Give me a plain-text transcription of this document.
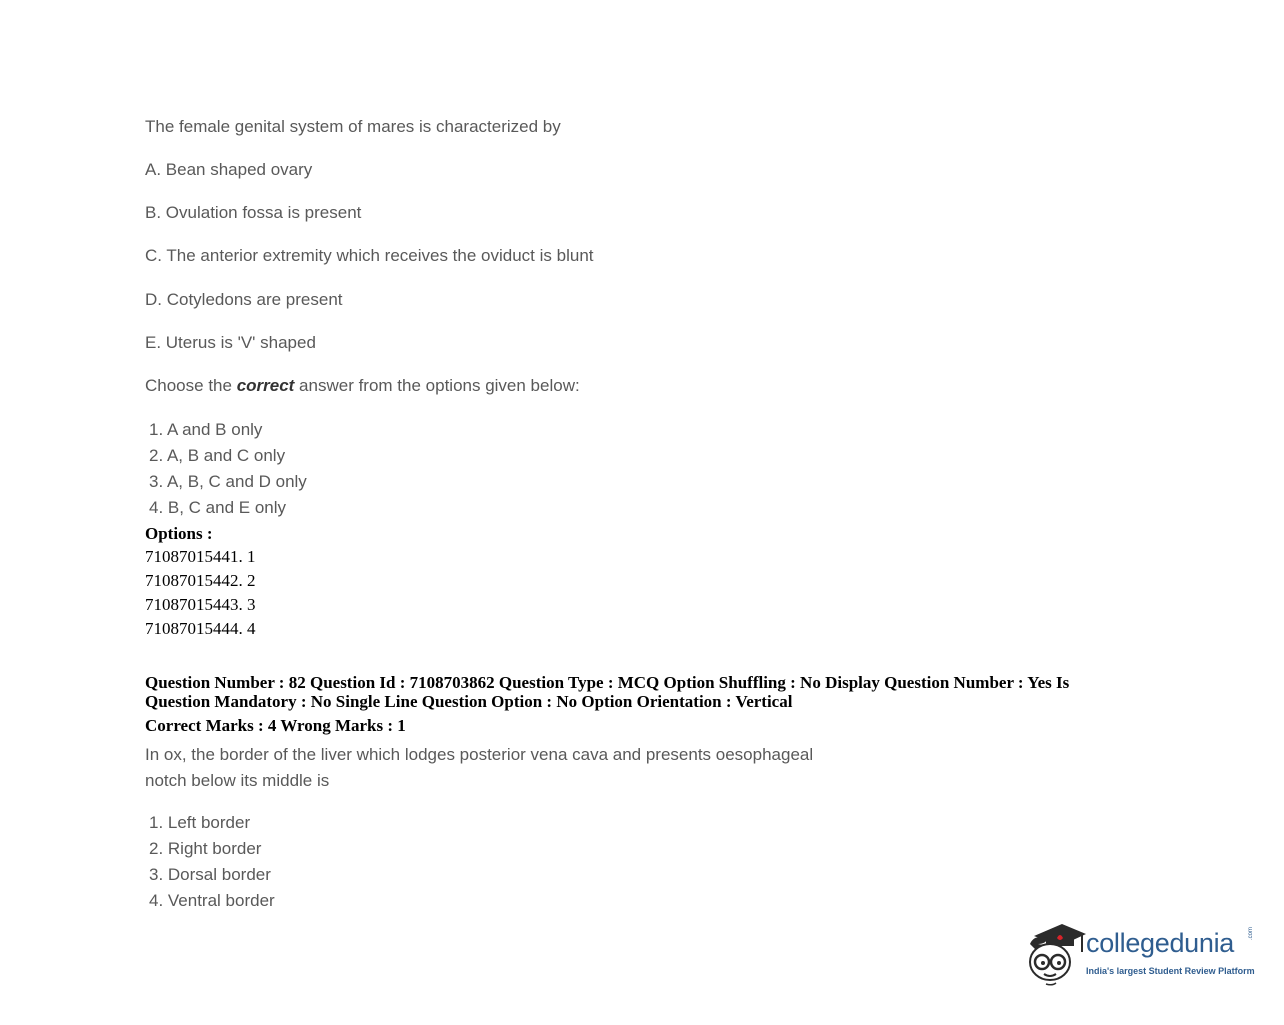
The female genital system of mares is characterized by
A. Bean shaped ovary
B. Ovulation fossa is present
C. The anterior extremity which receives the oviduct is blunt
D. Cotyledons are present
E. Uterus is 'V' shaped
Choose the correct answer from the options given below:
1. A and B only
2. A, B and C only
3. A, B, C and D only
4. B, C and E only
Options :
71087015441. 1
71087015442. 2
71087015443. 3
71087015444. 4
Question Number : 82 Question Id : 7108703862 Question Type : MCQ Option Shuffling : No Display Question Number : Yes Is Question Mandatory : No Single Line Question Option : No Option Orientation : Vertical
Correct Marks : 4 Wrong Marks : 1
In ox, the border of the liver which lodges posterior vena cava and presents oesophageal
notch below its middle is
1. Left border
2. Right border
3. Dorsal border
4. Ventral border
collegedunia .com
India's largest Student Review Platform
